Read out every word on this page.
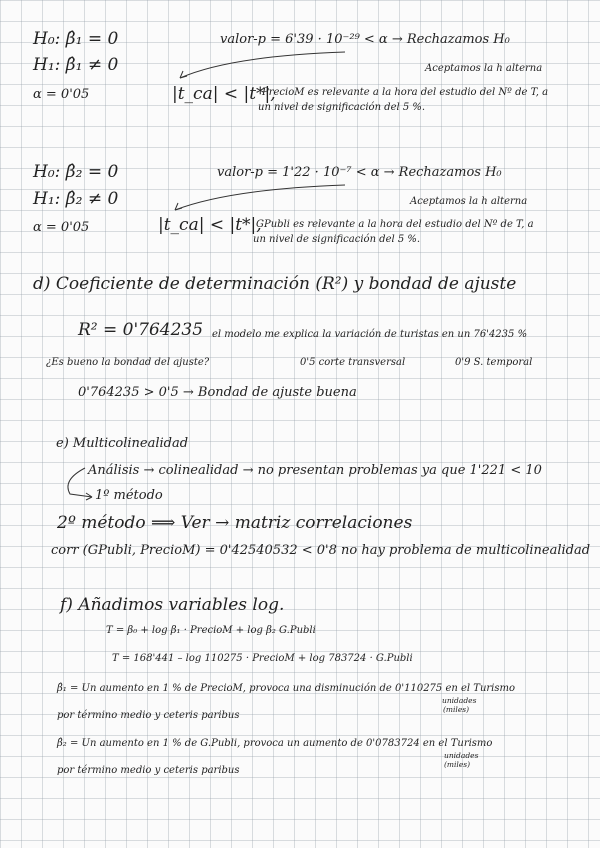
H₀: β̂₁ = 0
H₁: β̂₁ ≠ 0
α = 0'05
valor-p = 6'39 · 10⁻²⁹ < α → Rechazamos H₀
Aceptamos la h alterna
|t_ca| < |t*|,
PrecioM es relevante a la hora del estudio del Nº de T, a
un nivel de significación del 5 %.
H₀: β̂₂ = 0
H₁: β̂₂ ≠ 0
α = 0'05
valor-p = 1'22 · 10⁻⁷ < α → Rechazamos H₀
Aceptamos la h alterna
|t_ca| < |t*|,
GPubli es relevante a la hora del estudio del Nº de T, a
un nivel de significación del 5 %.
d) Coeficiente de determinación (R²) y bondad de ajuste
R² = 0'764235 el modelo me explica la variación de turistas en un 76'4235 %
¿Es bueno la bondad del ajuste?	0'5 corte transversal	0'9 S. temporal
0'764235 > 0'5 → Bondad de ajuste buena
e) Multicolinealidad
Análisis → colinealidad → no presentan problemas ya que 1'221 < 10
1º método
2º método ⟹ Ver → matriz correlaciones
corr (GPubli, PrecioM) = 0'42540532 < 0'8 no hay problema de multicolinealidad
f) Añadimos variables log.
T = β₀ + log β₁ · PrecioM + log β₂ G.Publi
T = 168'441 – log 110275 · PrecioM + log 783724 · G.Publi
β̂₁ = Un aumento en 1 % de PrecioM, provoca una disminución de 0'110275 en el Turismo
unidades
(miles)
por término medio y ceteris paribus
β̂₂ = Un aumento en 1 % de G.Publi, provoca un aumento de 0'0783724 en el Turismo
unidades
(miles)
por término medio y ceteris paribus
